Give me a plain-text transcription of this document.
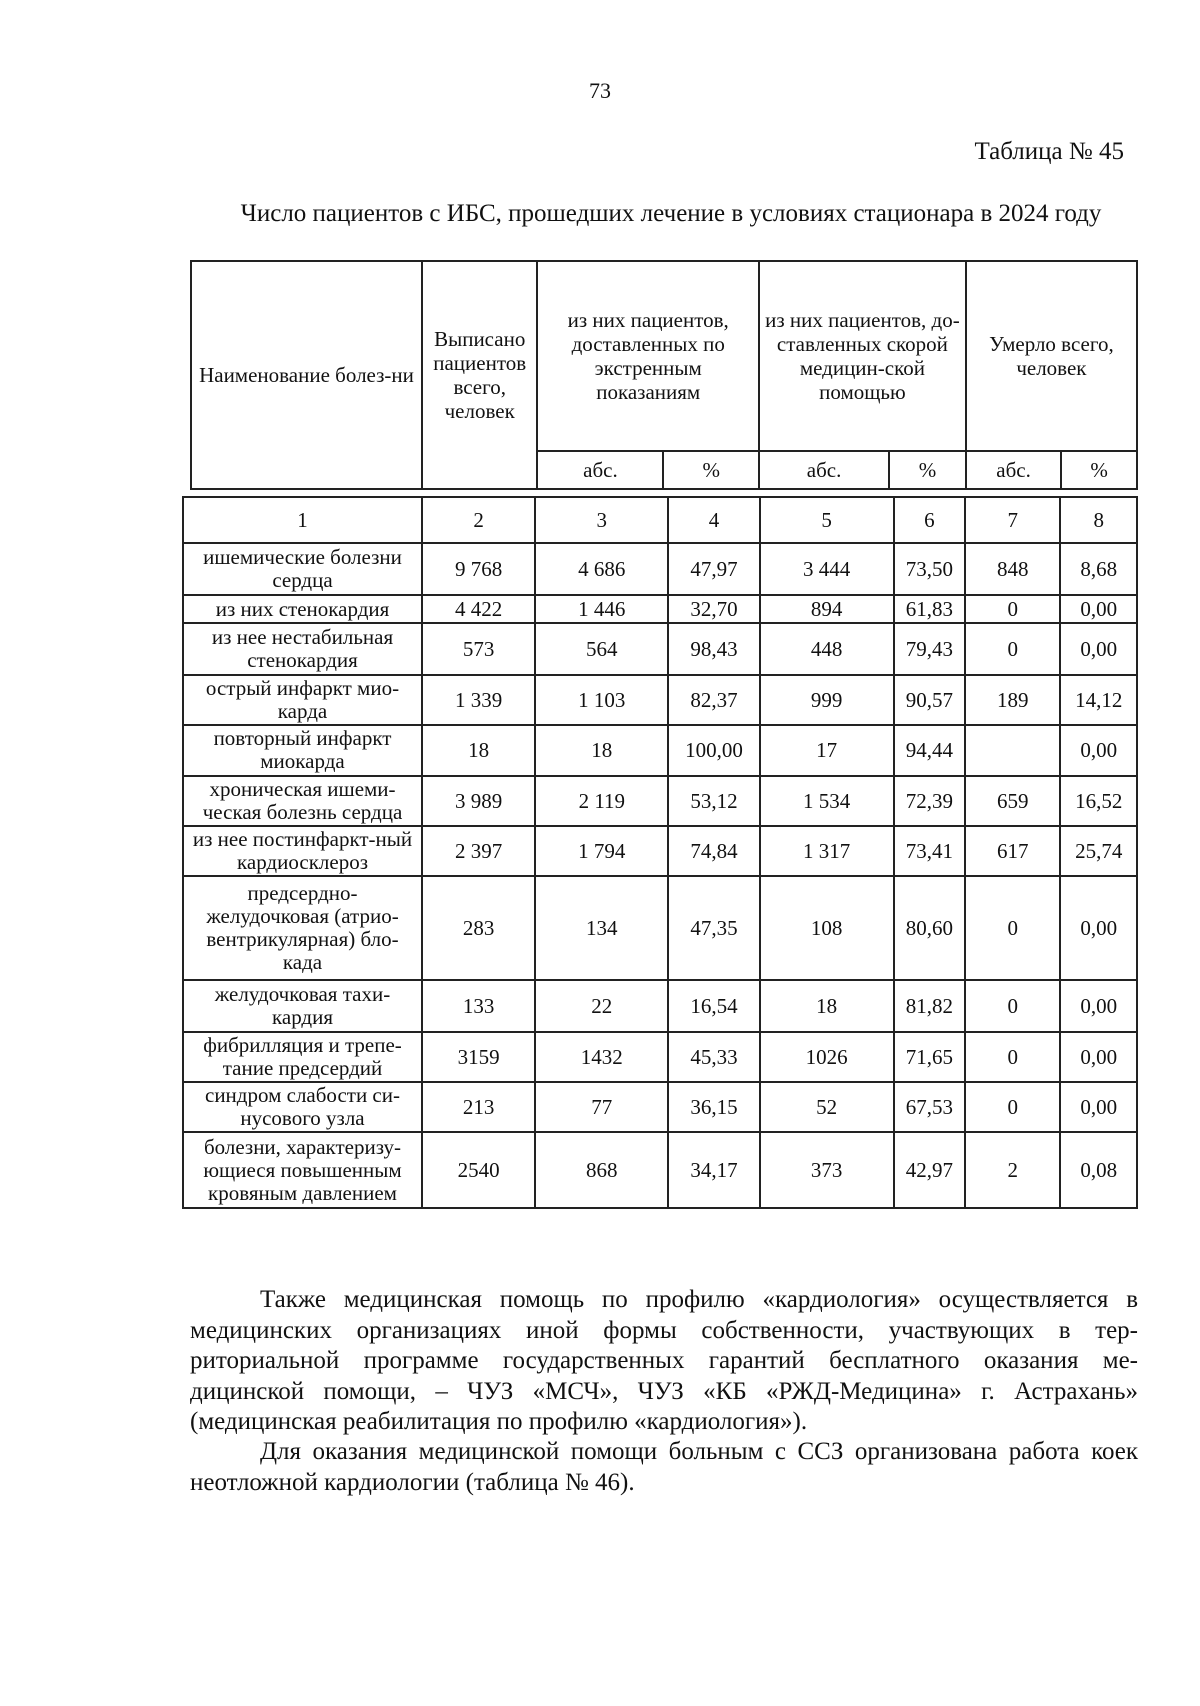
73
Таблица № 45
Число пациентов с ИБС, прошедших лечение в условиях стационара в 2024 году
Наименование болез-ни	Выписано пациентов всего, человек	из них пациентов, доставленных по экстренным показаниям		из них пациентов, до-ставленных скорой медицин-ской помощью		Умерло всего, человек	
		абс.	%	абс.	%	абс.	%
1	2	3	4	5	6	7	8
ишемические болезни сердца	9 768	4 686	47,97	3 444	73,50	848	8,68
из них стенокардия	4 422	1 446	32,70	894	61,83	0	0,00
из нее нестабильная стенокардия	573	564	98,43	448	79,43	0	0,00
острый инфаркт мио-карда	1 339	1 103	82,37	999	90,57	189	14,12
повторный инфаркт миокарда	18	18	100,00	17	94,44		0,00
хроническая ишеми-ческая болезнь сердца	3 989	2 119	53,12	1 534	72,39	659	16,52
из нее постинфаркт-ный кардиосклероз	2 397	1 794	74,84	1 317	73,41	617	25,74
предсердно-желудочковая (атрио-вентрикулярная) бло-када	283	134	47,35	108	80,60	0	0,00
желудочковая тахи-кардия	133	22	16,54	18	81,82	0	0,00
фибрилляция и трепе-тание предсердий	3159	1432	45,33	1026	71,65	0	0,00
синдром слабости си-нусового узла	213	77	36,15	52	67,53	0	0,00
болезни, характеризу-ющиеся повышенным кровяным давлением	2540	868	34,17	373	42,97	2	0,08
Также медицинская помощь по профилю «кардиология» осуществляется в медицинских организациях иной формы собственности, участвующих в тер-риториальной программе государственных гарантий бесплатного оказания ме-дицинской помощи, – ЧУЗ «МСЧ», ЧУЗ «КБ «РЖД-Медицина» г. Астрахань» (медицинская реабилитация по профилю «кардиология»).
Для оказания медицинской помощи больным с ССЗ организована работа коек неотложной кардиологии (таблица № 46).
